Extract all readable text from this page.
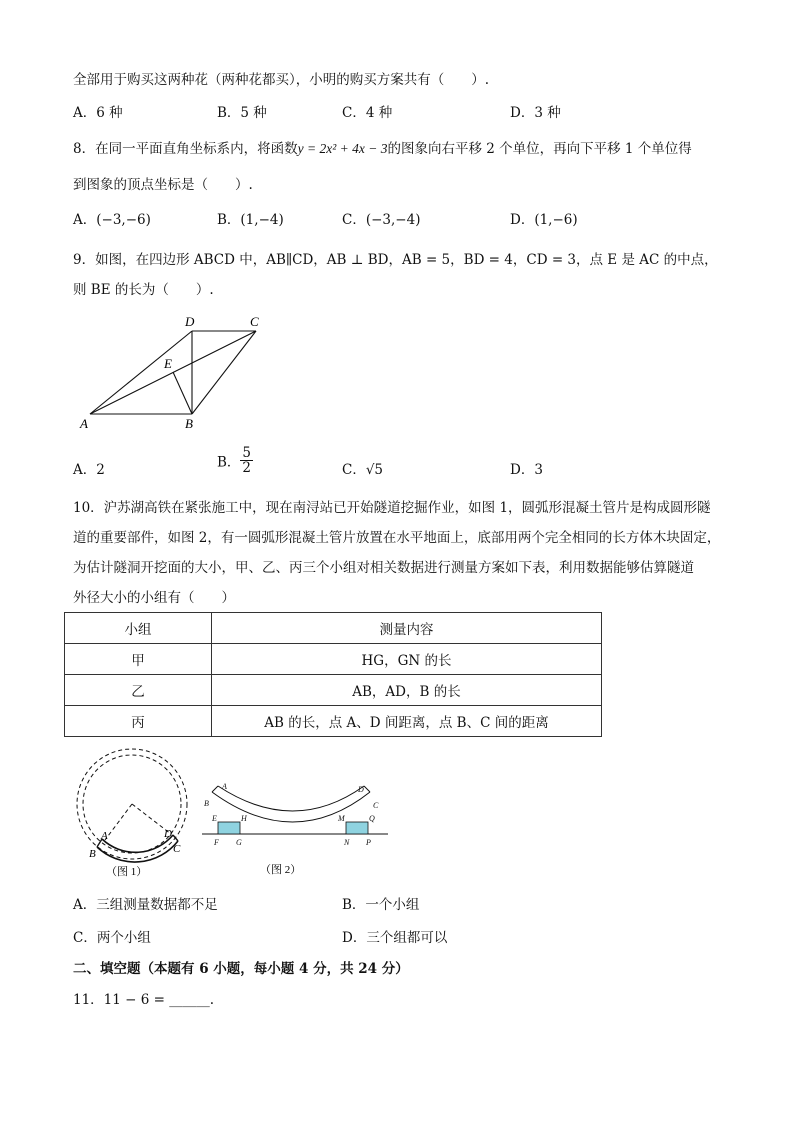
全部用于购买这两种花（两种花都买），小明的购买方案共有（　　）.
A．6 种	B．5 种	C．4 种	D．3 种
8．在同一平面直角坐标系内，将函数y = 2x² + 4x − 3的图象向右平移 2 个单位，再向下平移 1 个单位得
到图象的顶点坐标是（　　）.
A．(−3,−6)	B．(1,−4)	C．(−3,−4)	D．(1,−6)
9．如图，在四边形 ABCD 中，AB∥CD，AB ⊥ BD，AB = 5，BD = 4，CD = 3，点 E 是 AC 的中点，
则 BE 的长为（　　）.
D	C
E
A	B
A．2	B． $\frac{5}{2}$	C．√5	D．3
10．沪苏湖高铁在紧张施工中，现在南浔站已开始隧道挖掘作业，如图 1，圆弧形混凝土管片是构成圆形隧
道的重要部件，如图 2，有一圆弧形混凝土管片放置在水平地面上，底部用两个完全相同的长方体木块固定，
为估计隧洞开挖面的大小，甲、乙、丙三个小组对相关数据进行测量方案如下表，利用数据能够估算隧道
外径大小的小组有（　　）
小组	测量内容
甲	HG，GN 的长
乙	AB，AD，B 的长
丙	AB 的长，点 A、D 间距离，点 B、C 间的距离
A	D
B	C
（图 1）
A	D
B	C
E	H	M	Q
F G	N P
（图 2）
A．三组测量数据都不足	B．一个小组
C．两个小组	D．三个组都可以
二、填空题（本题有 6 小题，每小题 4 分，共 24 分）
11．11 − 6 = ______.
